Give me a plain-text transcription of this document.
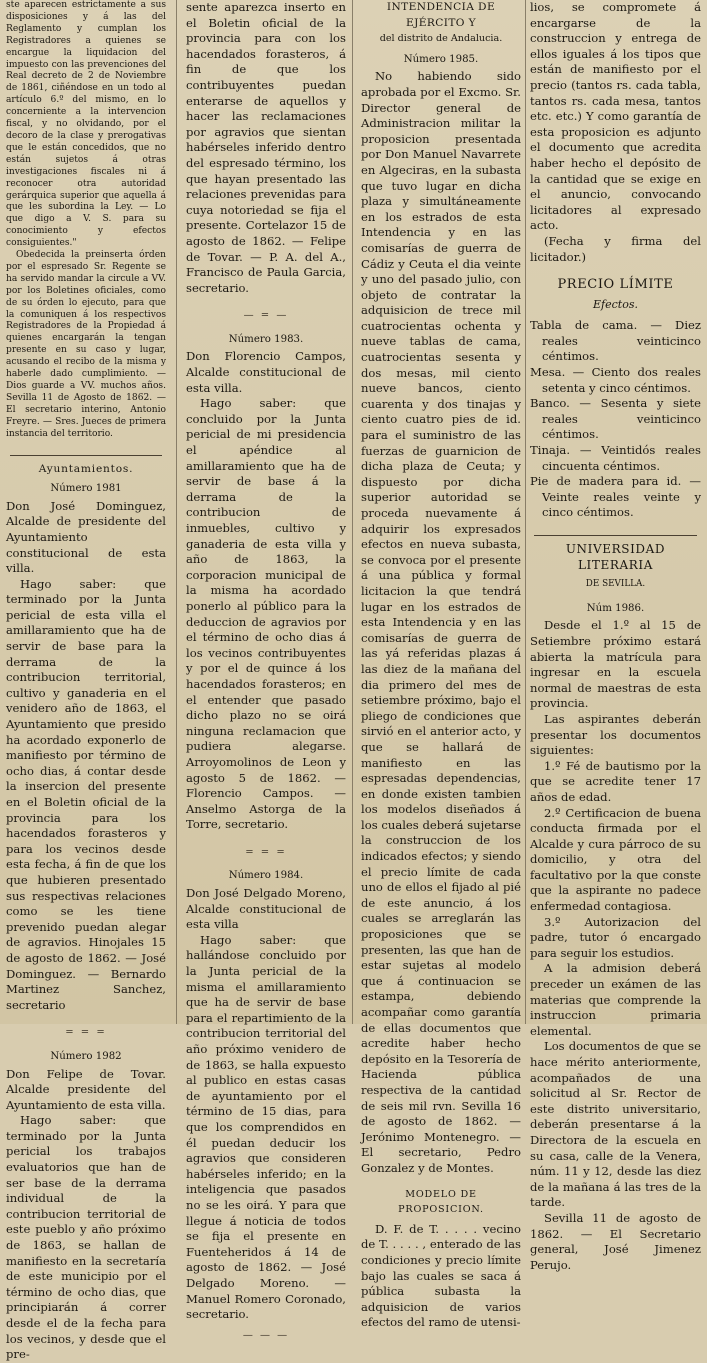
ste aparecen estrictamente a sus disposiciones y á las del Reglamento y cumplan los Registradores a quienes se encargue la liquidacion del impuesto con las prevenciones del Real decreto de 2 de Noviembre de 1861, ciñéndose en un todo al artículo 6.º del mismo, en lo concerniente a la intervencion fiscal, y no olvidando, por el decoro de la clase y prerogativas que le están concedidos, que no están sujetos á otras investigaciones fiscales ni á reconocer otra autoridad gerárquica superior que aquella á que les subordina la Ley. — Lo que digo a V. S. para su conocimiento y efectos consiguientes."

Obedecida la preinserta órden por el espresado Sr. Regente se ha servido mandar la circule a VV. por los Boletines oficiales, como de su órden lo ejecuto, para que la comuniquen á los respectivos Registradores de la Propiedad á quienes encargarán la tengan presente en su caso y lugar, acusando el recibo de la misma y haberle dado cumplimiento. — Dios guarde a VV. muchos años. Sevilla 11 de Agosto de 1862. — El secretario interino, Antonio Freyre. — Sres. Jueces de primera instancia del territorio.

Ayuntamientos.
Número 1981

Don José Dominguez, Alcalde de presidente del Ayuntamiento constitucional de esta villa.

Hago saber: que terminado por la Junta pericial de esta villa el amillaramiento que ha de servir de base para la derrama de la contribucion territorial, cultivo y ganaderia en el venidero año de 1863, el Ayuntamiento que presido ha acordado exponerlo de manifiesto por término de ocho dias, á contar desde la insercion del presente en el Boletin oficial de la provincia para los hacendados forasteros y para los vecinos desde esta fecha, á fin de que los que hubieren presentado sus respectivas relaciones como se les tiene prevenido puedan alegar de agravios. Hinojales 15 de agosto de 1862. — José Dominguez. — Bernardo Martinez Sanchez, secretario

= = =
Número 1982

Don Felipe de Tovar. Alcalde presidente del Ayuntamiento de esta villa.

Hago saber: que terminado por la Junta pericial los trabajos evaluatorios que han de ser base de la derrama individual de la contribucion territorial de este pueblo y año próximo de 1863, se hallan de manifiesto en la secretaría de este municipio por el término de ocho dias, que principiarán á correr desde el de la fecha para los vecinos, y desde que el pre-

sente aparezca inserto en el Boletin oficial de la provincia para con los hacendados forasteros, á fin de que los contribuyentes puedan enterarse de aquellos y hacer las reclamaciones por agravios que sientan habérseles inferido dentro del espresado término, los que hayan presentado las relaciones prevenidas para cuya notoriedad se fija el presente. Cortelazor 15 de agosto de 1862. — Felipe de Tovar. — P. A. del A., Francisco de Paula Garcia, secretario.

— = —
Número 1983.

Don Florencio Campos, Alcalde constitucional de esta villa.

Hago saber: que concluido por la Junta pericial de mi presidencia el apéndice al amillaramiento que ha de servir de base á la derrama de la contribucion de inmuebles, cultivo y ganaderia de esta villa y año de 1863, la corporacion municipal de la misma ha acordado ponerlo al público para la deduccion de agravios por el término de ocho dias á los vecinos contribuyentes y por el de quince á los hacendados forasteros; en el entender que pasado dicho plazo no se oirá ninguna reclamacion que pudiera alegarse. Arroyomolinos de Leon y agosto 5 de 1862. — Florencio Campos. — Anselmo Astorga de la Torre, secretario.

= = =
Número 1984.

Don José Delgado Moreno, Alcalde constitucional de esta villa

Hago saber: que hallándose concluido por la Junta pericial de la misma el amillaramiento que ha de servir de base para el repartimiento de la contribucion territorial del año próximo venidero de de 1863, se halla expuesto al publico en estas casas de ayuntamiento por el término de 15 dias, para que los comprendidos en él puedan deducir los agravios que consideren habérseles inferido; en la inteligencia que pasados no se les oirá. Y para que llegue á noticia de todos se fija el presente en Fuenteheridos á 14 de agosto de 1862. — José Delgado Moreno. — Manuel Romero Coronado, secretario.

— — —
INTENDENCIA DE EJÉRCITO Y
del distrito de Andalucia.
Número 1985.

No habiendo sido aprobada por el Excmo. Sr. Director general de Administracion militar la proposicion presentada por Don Manuel Navarrete en Algeciras, en la subasta que tuvo lugar en dicha plaza y simultáneamente en los estrados de esta Intendencia y en las comisarías de guerra de Cádiz y Ceuta el dia veinte y uno del pasado julio, con objeto de contratar la adquisicion de trece mil cuatrocientas ochenta y nueve tablas de cama, cuatrocientas sesenta y dos mesas, mil ciento nueve bancos, ciento cuarenta y dos tinajas y ciento cuatro pies de id. para el suministro de las fuerzas de guarnicion de dicha plaza de Ceuta; y dispuesto por dicha superior autoridad se proceda nuevamente á adquirir los expresados efectos en nueva subasta, se convoca por el presente á una pública y formal licitacion la que tendrá lugar en los estrados de esta Intendencia y en las comisarías de guerra de las yá referidas plazas á las diez de la mañana del dia primero del mes de setiembre próximo, bajo el pliego de condiciones que sirvió en el anterior acto, y que se hallará de manifiesto en las espresadas dependencias, en donde existen tambien los modelos diseñados á los cuales deberá sujetarse la construccion de los indicados efectos; y siendo el precio límite de cada uno de ellos el fijado al pié de este anuncio, á los cuales se arreglarán las proposiciones que se presenten, las que han de estar sujetas al modelo que á continuacion se estampa, debiendo acompañar como garantía de ellas documentos que acredite haber hecho depósito en la Tesorería de Hacienda pública respectiva de la cantidad de seis mil rvn. Sevilla 16 de agosto de 1862. — Jerónimo Montenegro. — El secretario, Pedro Gonzalez y de Montes.

MODELO DE PROPOSICION.

D. F. de T. . . . . vecino de T. . . . . , enterado de las condiciones y precio límite bajo las cuales se saca á pública subasta la adquisicion de varios efectos del ramo de utensi-

lios, se compromete á encargarse de la construccion y entrega de ellos iguales á los tipos que están de manifiesto por el precio (tantos rs. cada tabla, tantos rs. cada mesa, tantos etc. etc.) Y como garantía de esta proposicion es adjunto el documento que acredita haber hecho el depósito de la cantidad que se exige en el anuncio, convocando licitadores al expresado acto.

(Fecha y firma del licitador.)

PRECIO LÍMITE
Efectos.

Tabla de cama. — Diez reales veinticinco céntimos.

Mesa. — Ciento dos reales setenta y cinco céntimos.

Banco. — Sesenta y siete reales veinticinco céntimos.

Tinaja. — Veintidós reales cincuenta céntimos.

Pie de madera para id. — Veinte reales veinte y cinco céntimos.

UNIVERSIDAD LITERARIA
DE SEVILLA.
Núm 1986.

Desde el 1.º al 15 de Setiembre próximo estará abierta la matrícula para ingresar en la escuela normal de maestras de esta provincia.

Las aspirantes deberán presentar los documentos siguientes:

1.º Fé de bautismo por la que se acredite tener 17 años de edad.

2.º Certificacion de buena conducta firmada por el Alcalde y cura párroco de su domicilio, y otra del facultativo por la que conste que la aspirante no padece enfermedad contagiosa.

3.º Autorizacion del padre, tutor ó encargado para seguir los estudios.

A la admision deberá preceder un exámen de las materias que comprende la instruccion primaria elemental.

Los documentos de que se hace mérito anteriormente, acompañados de una solicitud al Sr. Rector de este distrito universitario, deberán presentarse á la Directora de la escuela en su casa, calle de la Venera, núm. 11 y 12, desde las diez de la mañana á las tres de la tarde.

Sevilla 11 de agosto de 1862. — El Secretario general, José Jimenez Perujo.
